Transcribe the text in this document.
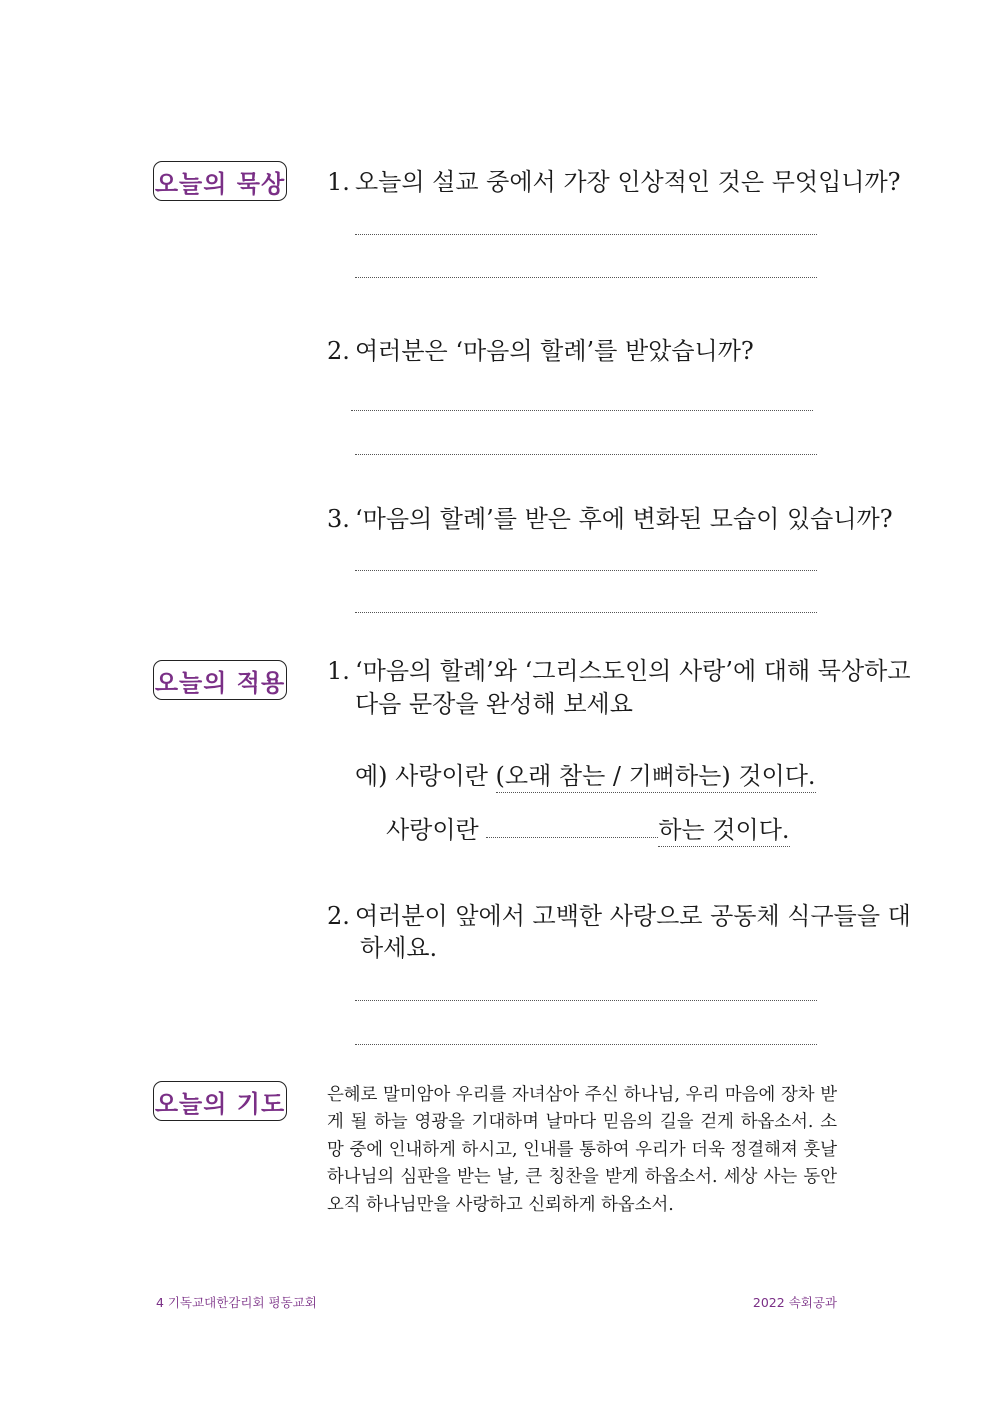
오늘의 묵상 1. 오늘의 설교 중에서 가장 인상적인 것은 무엇입니까?
2. 여러분은 ‘마음의 할례’를 받았습니까?
3. ‘마음의 할례’를 받은 후에 변화된 모습이 있습니까?
오늘의 적용 1. ‘마음의 할례’와 ‘그리스도인의 사랑’에 대해 묵상하고
다음 문장을 완성해 보세요
예) 사랑이란 (오래 참는 / 기뻐하는) 것이다.
사랑이란	하는 것이다.
2. 여러분이 앞에서 고백한 사랑으로 공동체 식구들을 대
하세요.
오늘의 기도 은혜로 말미암아 우리를 자녀삼아 주신 하나님, 우리 마음에 장차 받게 될 하늘 영광을 기대하며 날마다 믿음의 길을 걷게 하옵소서. 소망 중에 인내하게 하시고, 인내를 통하여 우리가 더욱 정결해져 훗날 하나님의 심판을 받는 날, 큰 칭찬을 받게 하옵소서. 세상 사는 동안 오직 하나님만을 사랑하고 신뢰하게 하옵소서.
4 기독교대한감리회 평동교회	2022 속회공과
